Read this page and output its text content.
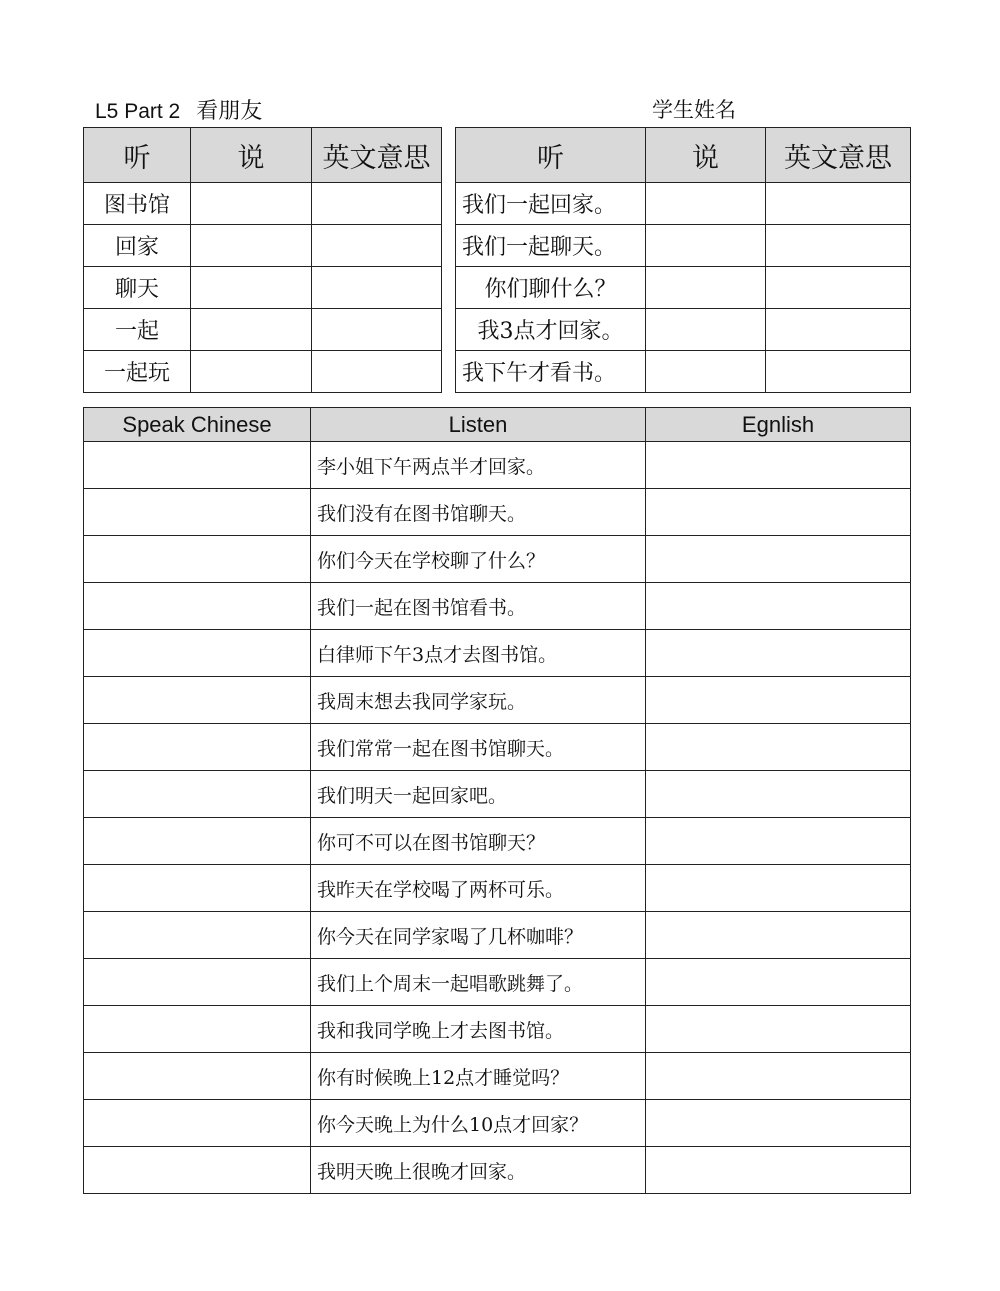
L5 Part 2 看朋友	学生姓名
听	说	英文意思
图书馆		
回家		
聊天		
一起		
一起玩		
听	说	英文意思
我们一起回家。		
我们一起聊天。		
你们聊什么？		
我3点才回家。		
我下午才看书。		
Speak Chinese	Listen	Egnlish
	李小姐下午两点半才回家。	
	我们没有在图书馆聊天。	
	你们今天在学校聊了什么？	
	我们一起在图书馆看书。	
	白律师下午3点才去图书馆。	
	我周末想去我同学家玩。	
	我们常常一起在图书馆聊天。	
	我们明天一起回家吧。	
	你可不可以在图书馆聊天？	
	我昨天在学校喝了两杯可乐。	
	你今天在同学家喝了几杯咖啡？	
	我们上个周末一起唱歌跳舞了。	
	我和我同学晚上才去图书馆。	
	你有时候晚上12点才睡觉吗？	
	你今天晚上为什么10点才回家？	
	我明天晚上很晚才回家。	
